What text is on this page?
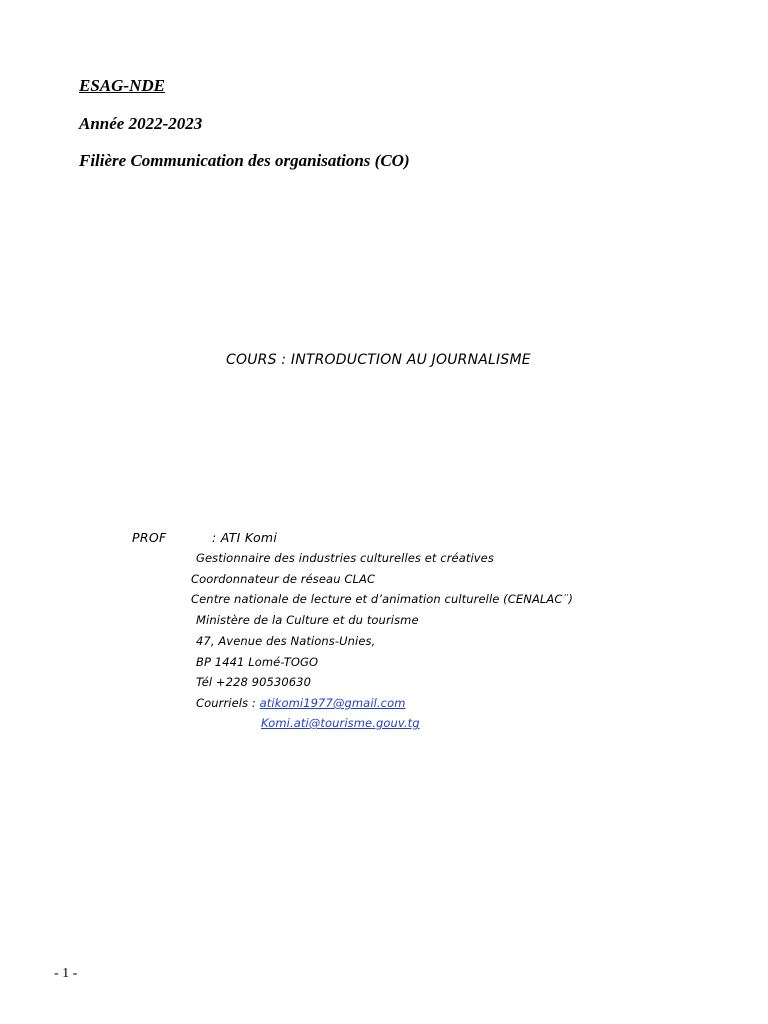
ESAG-NDE
Année 2022-2023
Filière Communication des organisations (CO)
COURS : INTRODUCTION AU JOURNALISME
PROF	: ATI Komi
Gestionnaire des industries culturelles et créatives
Coordonnateur de réseau CLAC
Centre nationale de lecture et d’animation culturelle (CENALAC¨)
Ministère de la Culture et du tourisme
47, Avenue des Nations-Unies,
BP 1441 Lomé-TOGO
Tél +228 90530630
Courriels : atikomi1977@gmail.com
Komi.ati@tourisme.gouv.tg
- 1 -
